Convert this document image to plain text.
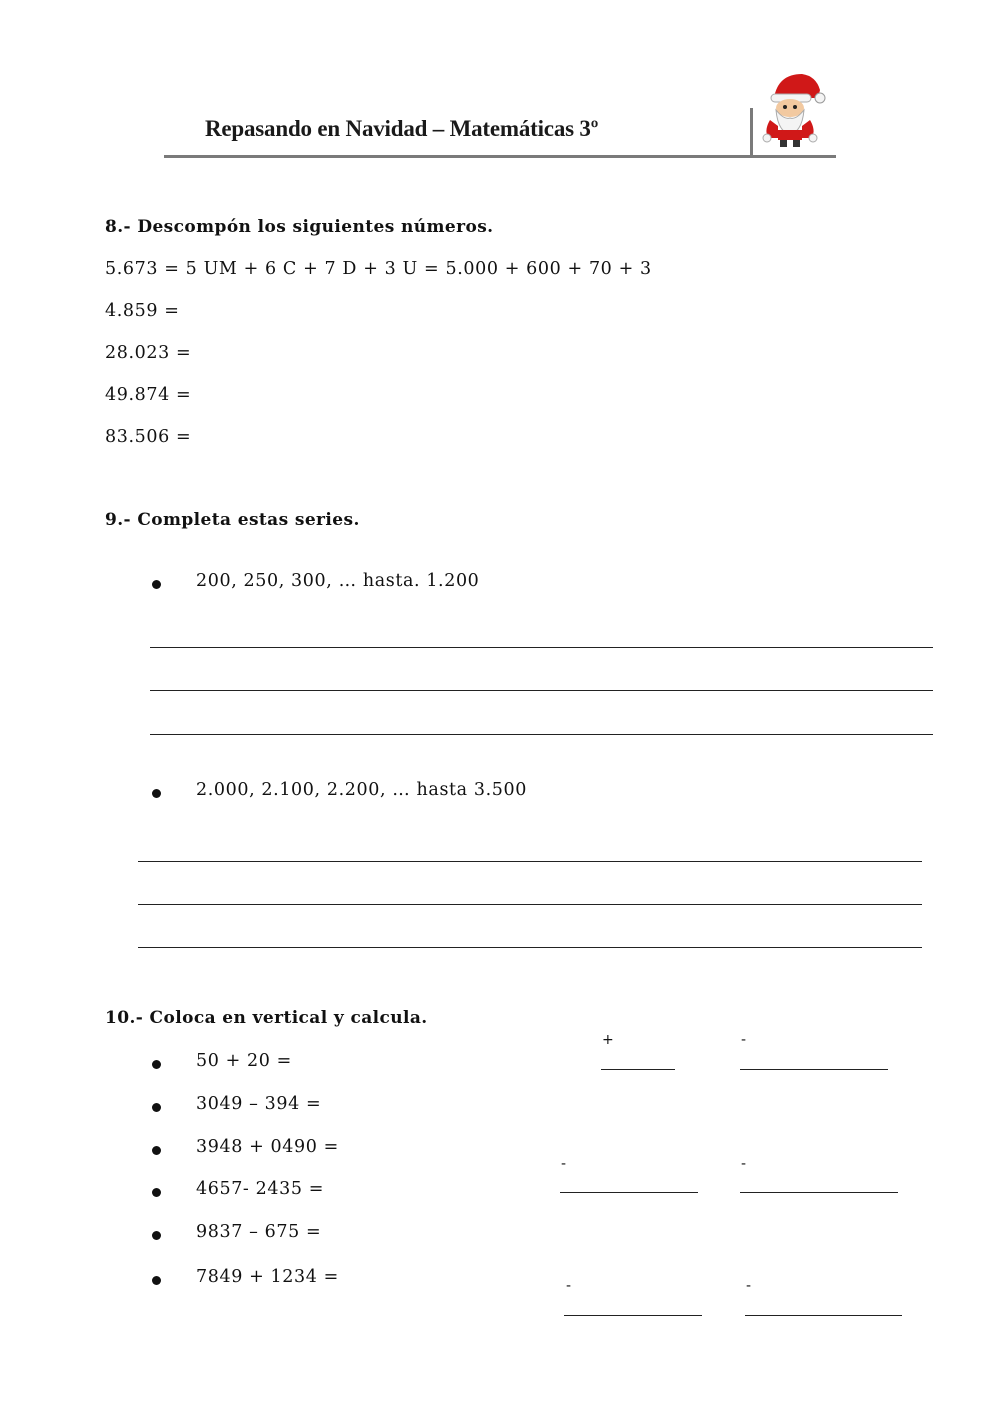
Repasando en Navidad – Matemáticas 3º
8.- Descompón los siguientes números.
5.673 = 5 UM + 6 C + 7 D + 3 U = 5.000 + 600 + 70 + 3
4.859 =
28.023 =
49.874 =
83.506 =
9.- Completa estas series.
200, 250, 300, … hasta. 1.200
2.000, 2.100, 2.200, … hasta 3.500
10.- Coloca en vertical y calcula.
50 + 20 =
3049 – 394 =
3948 + 0490 =
4657- 2435 =
9837 – 675 =
7849 + 1234 =
+	-
-	-
-	-
